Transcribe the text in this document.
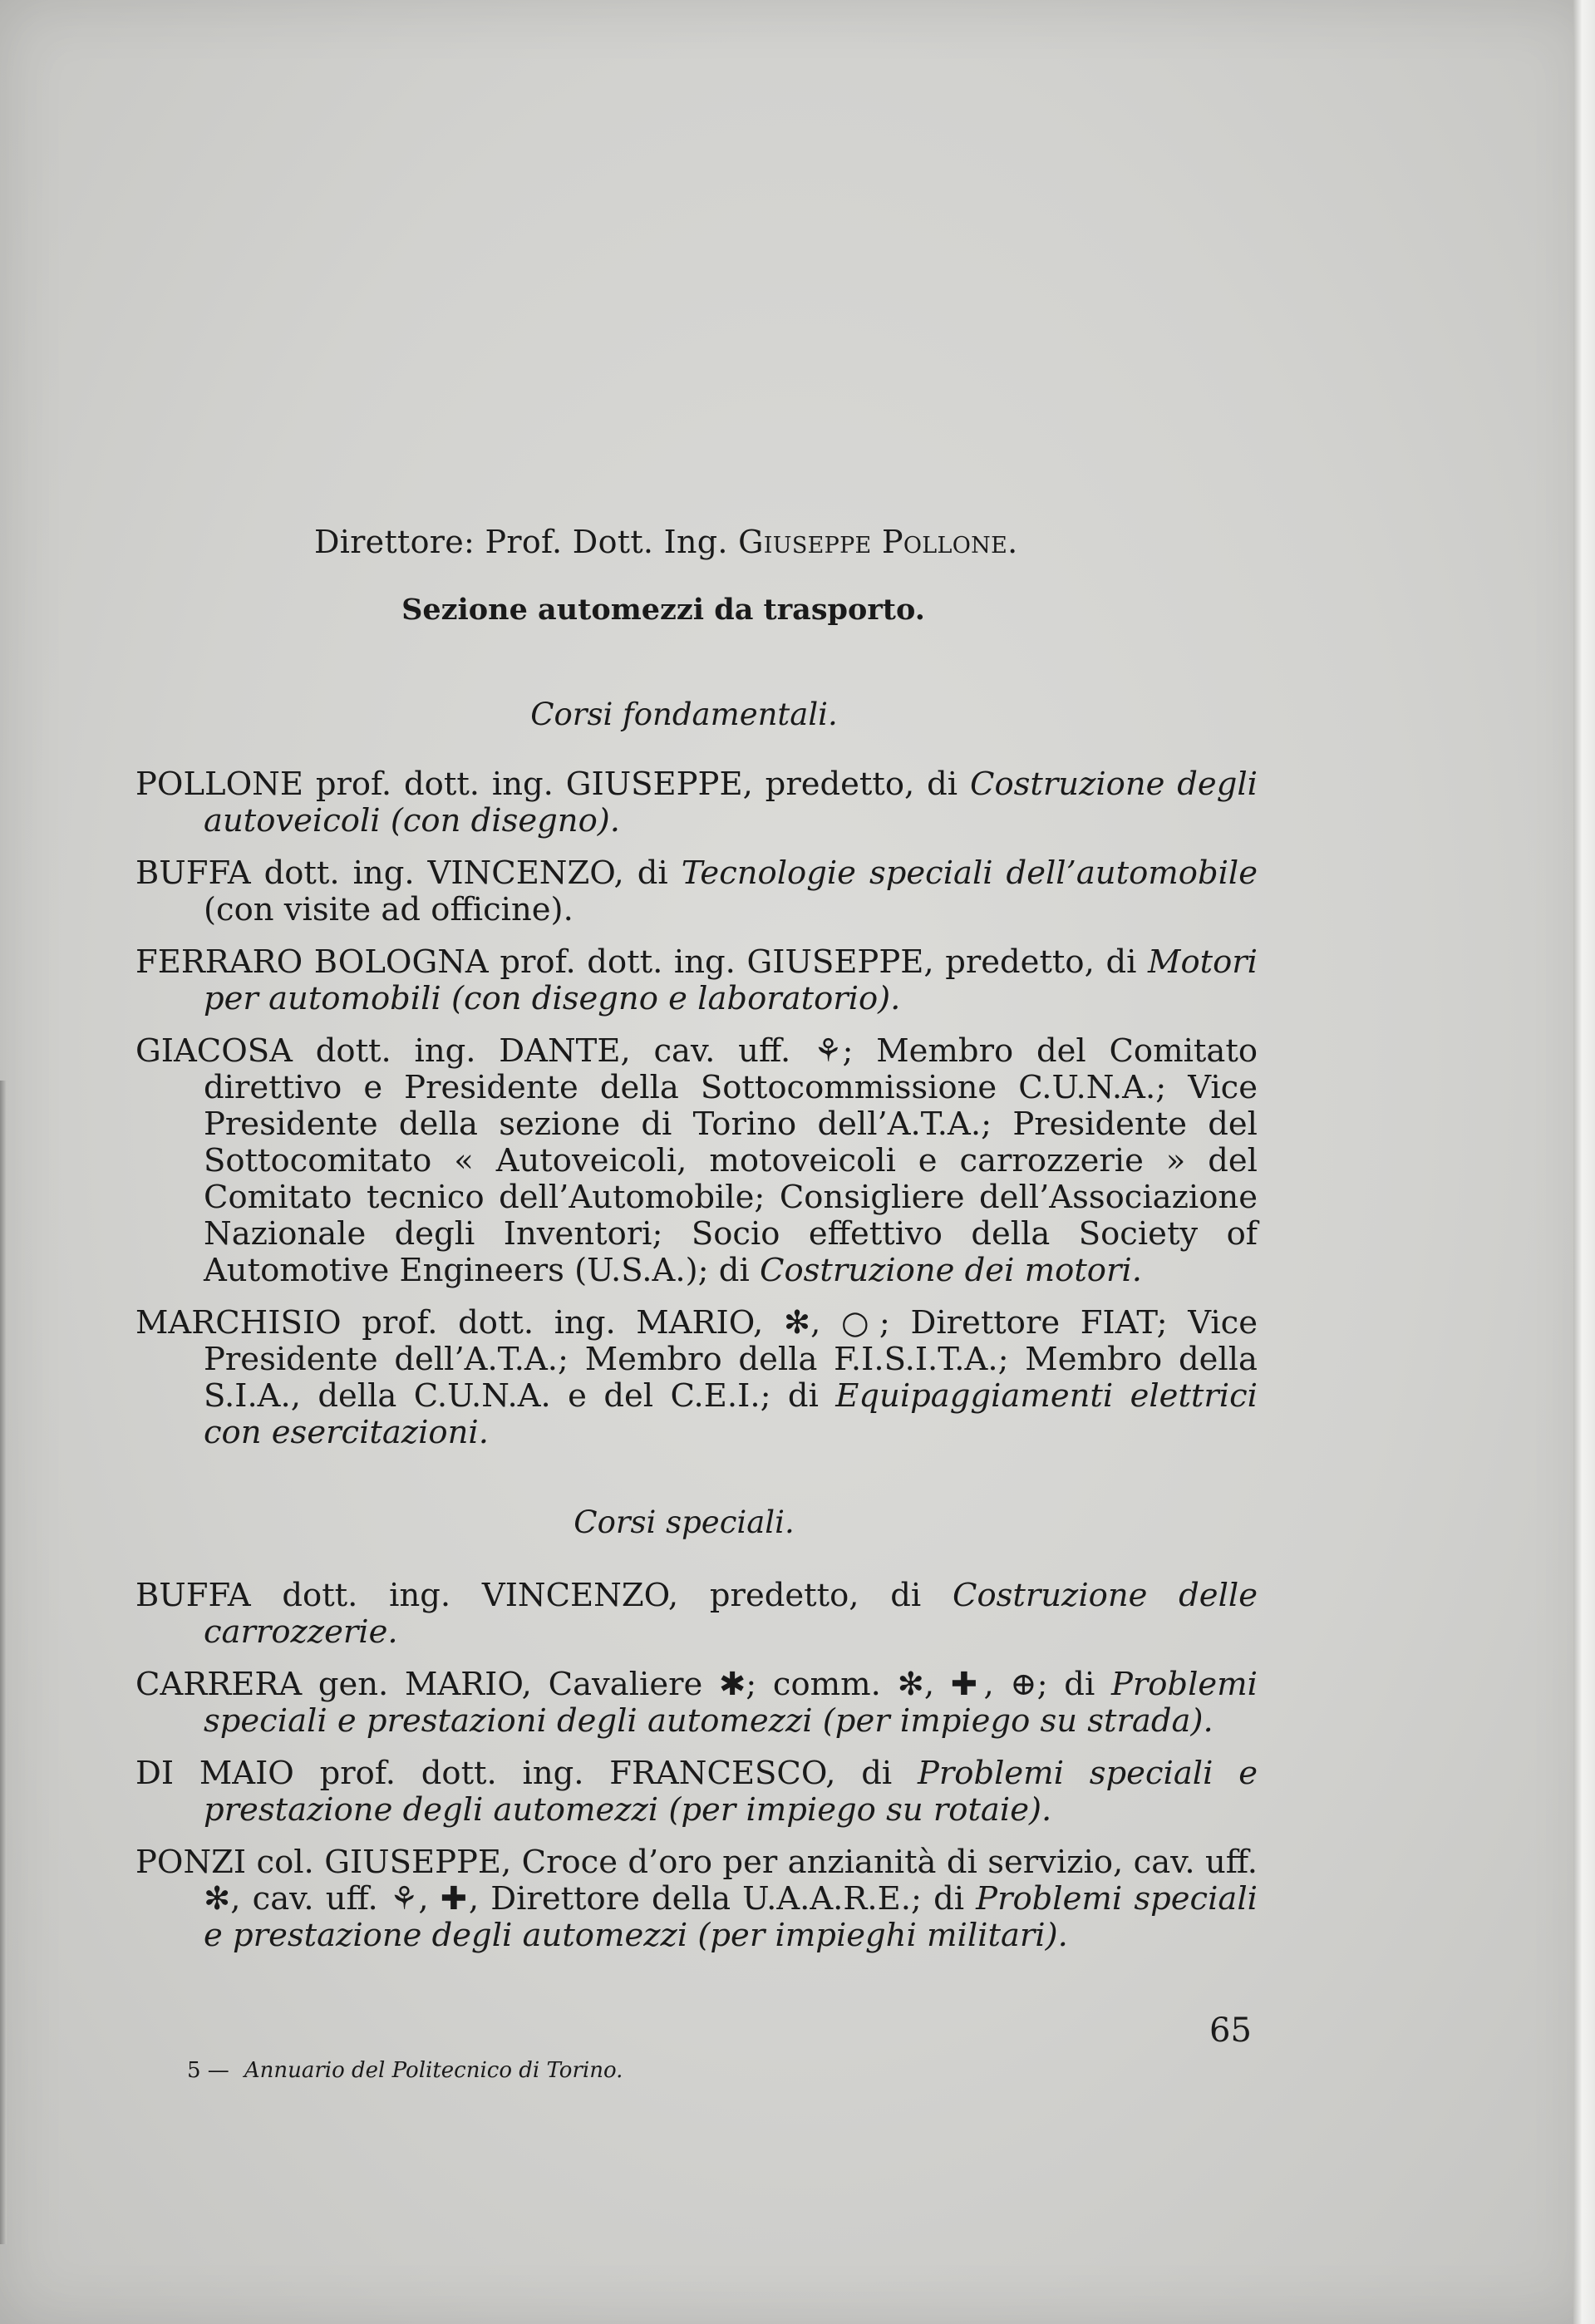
Direttore: Prof. Dott. Ing. Giuseppe Pollone.
Sezione automezzi da trasporto.
Corsi fondamentali.
POLLONE prof. dott. ing. GIUSEPPE, predetto, di Costruzione degli autoveicoli (con disegno).
BUFFA dott. ing. VINCENZO, di Tecnologie speciali dell’automobile (con visite ad officine).
FERRARO BOLOGNA prof. dott. ing. GIUSEPPE, predetto, di Motori per automobili (con disegno e laboratorio).
GIACOSA dott. ing. DANTE, cav. uff. ⚘; Membro del Comitato direttivo e Presidente della Sottocommissione C.U.N.A.; Vice Presidente della sezione di Torino dell’A.T.A.; Presidente del Sottocomitato « Autoveicoli, motoveicoli e carrozzerie » del Comitato tecnico dell’Automobile; Consigliere dell’Associazione Nazionale degli Inventori; Socio effettivo della Society of Automotive Engineers (U.S.A.); di Costruzione dei motori.
MARCHISIO prof. dott. ing. MARIO, ✻, ○; Direttore FIAT; Vice Presidente dell’A.T.A.; Membro della F.I.S.I.T.A.; Membro della S.I.A., della C.U.N.A. e del C.E.I.; di Equipaggiamenti elettrici con esercitazioni.
Corsi speciali.
BUFFA dott. ing. VINCENZO, predetto, di Costruzione delle carrozzerie.
CARRERA gen. MARIO, Cavaliere ✱; comm. ✻, ✚, ⊕; di Problemi speciali e prestazioni degli automezzi (per impiego su strada).
DI MAIO prof. dott. ing. FRANCESCO, di Problemi speciali e prestazione degli automezzi (per impiego su rotaie).
PONZI col. GIUSEPPE, Croce d’oro per anzianità di servizio, cav. uff. ✻, cav. uff. ⚘, ✚, Direttore della U.A.A.R.E.; di Problemi speciali e prestazione degli automezzi (per impieghi militari).
65
5 — Annuario del Politecnico di Torino.
